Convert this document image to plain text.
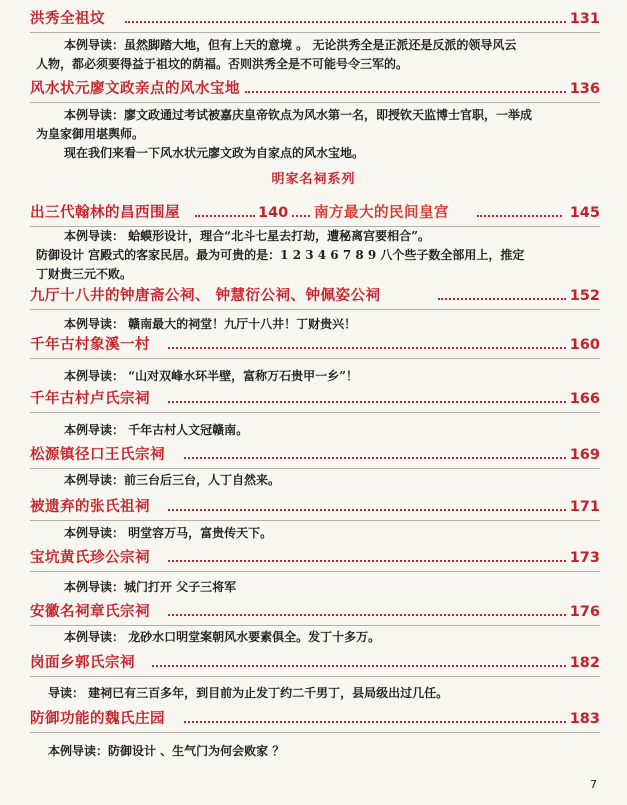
洪秀全祖坟	131
本例导读：虽然脚踏大地，但有上天的意境 。 无论洪秀全是正派还是反派的领导风云
人物，都必须要得益于祖坟的荫福。否则洪秀全是不可能号令三军的。
风水状元廖文政亲点的风水宝地	136
本例导读：廖文政通过考试被嘉庆皇帝钦点为风水第一名，即授钦天监博士官职，一举成
为皇家御用堪舆师。
现在我们来看一下风水状元廖文政为自家点的风水宝地。
明家名祠系列
出三代翰林的昌西围屋	140 南方最大的民间皇宫	145
本例导读： 蛤蟆形设计，理合“北斗七星去打劫，遭秘离宫要相合”。
防御设计 宫殿式的客家民居。最为可贵的是：1 2 3 4 6 7 8 9 八个些子数全部用上，推定
丁财贵三元不败。
九厅十八井的钟唐斋公祠、 钟慧衍公祠、钟佩姿公祠	152
本例导读： 赣南最大的祠堂！九厅十八井！丁财贵兴！
千年古村象溪一村	160
本例导读： “山对双峰水环半壁，富称万石贵甲一乡”！
千年古村卢氏宗祠	166
本例导读： 千年古村人文冠赣南。
松源镇径口王氏宗祠	169
本例导读：前三台后三台，人丁自然来。
被遗弃的张氏祖祠	171
本例导读： 明堂容万马，富贵传天下。
宝坑黄氏珍公宗祠	173
本例导读：城门打开 父子三将军
安徽名祠章氏宗祠	176
本例导读： 龙砂水口明堂案朝风水要素俱全。发丁十多万。
岗面乡郭氏宗祠	182
导读： 建祠已有三百多年，到目前为止发丁约二千男丁，县局级出过几任。
防御功能的魏氏庄园	183
本例导读：防御设计 、生气门为何会败家 ？
7
